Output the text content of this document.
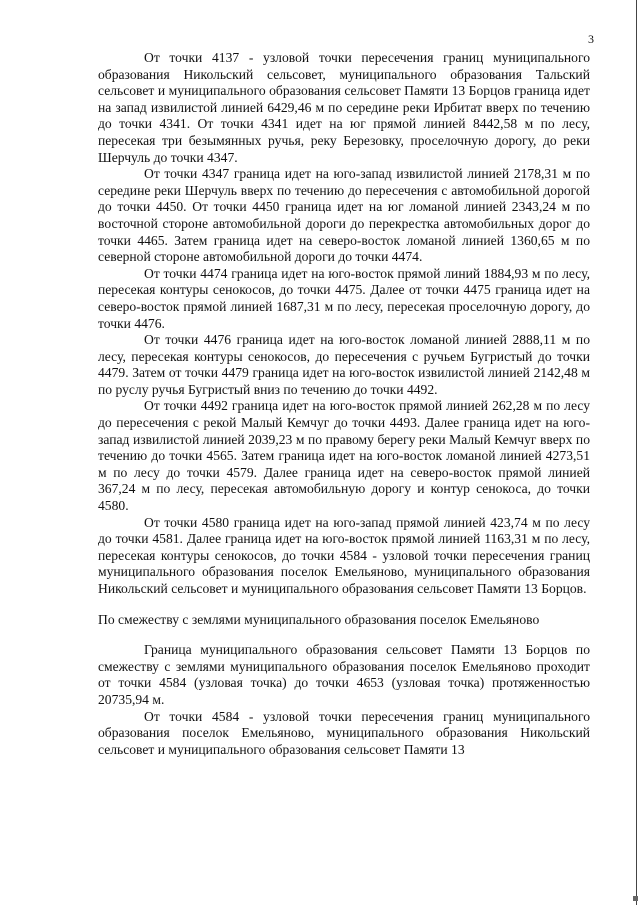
3

От точки 4137 - узловой точки пересечения границ муниципального образования Никольский сельсовет, муниципального образования Тальский сельсовет и муниципального образования сельсовет Памяти 13 Борцов граница идет на запад извилистой линией 6429,46 м по середине реки Ирбитат вверх по течению до точки 4341. От точки 4341 идет на юг прямой линией 8442,58 м по лесу, пересекая три безымянных ручья, реку Березовку, проселочную дорогу, до реки Шерчуль до точки 4347.

От точки 4347 граница идет на юго-запад извилистой линией 2178,31 м по середине реки Шерчуль вверх по течению до пересечения с автомобильной дорогой до точки 4450. От точки 4450 граница идет на юг ломаной линией 2343,24 м по восточной стороне автомобильной дороги до перекрестка автомобильных дорог до точки 4465. Затем граница идет на северо-восток ломаной линией 1360,65 м по северной стороне автомобильной дороги до точки 4474.

От точки 4474 граница идет на юго-восток прямой линий 1884,93 м по лесу, пересекая контуры сенокосов, до точки 4475. Далее от точки 4475 граница идет на северо-восток прямой линией 1687,31 м по лесу, пересекая проселочную дорогу, до точки 4476.

От точки 4476 граница идет на юго-восток ломаной линией 2888,11 м по лесу, пересекая контуры сенокосов, до пересечения с ручьем Бугристый до точки 4479. Затем от точки 4479 граница идет на юго-восток извилистой линией 2142,48 м по руслу ручья Бугристый вниз по течению до точки 4492.

От точки 4492 граница идет на юго-восток прямой линией 262,28 м по лесу до пересечения с рекой Малый Кемчуг до точки 4493. Далее граница идет на юго-запад извилистой линией 2039,23 м по правому берегу реки Малый Кемчуг вверх по течению до точки 4565. Затем граница идет на юго-восток ломаной линией 4273,51 м по лесу до точки 4579. Далее граница идет на северо-восток прямой линией 367,24 м по лесу, пересекая автомобильную дорогу и контур сенокоса, до точки 4580.

От точки 4580 граница идет на юго-запад прямой линией 423,74 м по лесу до точки 4581. Далее граница идет на юго-восток прямой линией 1163,31 м по лесу, пересекая контуры сенокосов, до точки 4584 - узловой точки пересечения границ муниципального образования поселок Емельяново, муниципального образования Никольский сельсовет и муниципального образования сельсовет Памяти 13 Борцов.

По смежеству с землями муниципального образования поселок Емельяново

Граница муниципального образования сельсовет Памяти 13 Борцов по смежеству с землями муниципального образования поселок Емельяново проходит от точки 4584 (узловая точка) до точки 4653 (узловая точка) протяженностью 20735,94 м.

От точки 4584 - узловой точки пересечения границ муниципального образования поселок Емельяново, муниципального образования Никольский сельсовет и муниципального образования сельсовет Памяти 13
